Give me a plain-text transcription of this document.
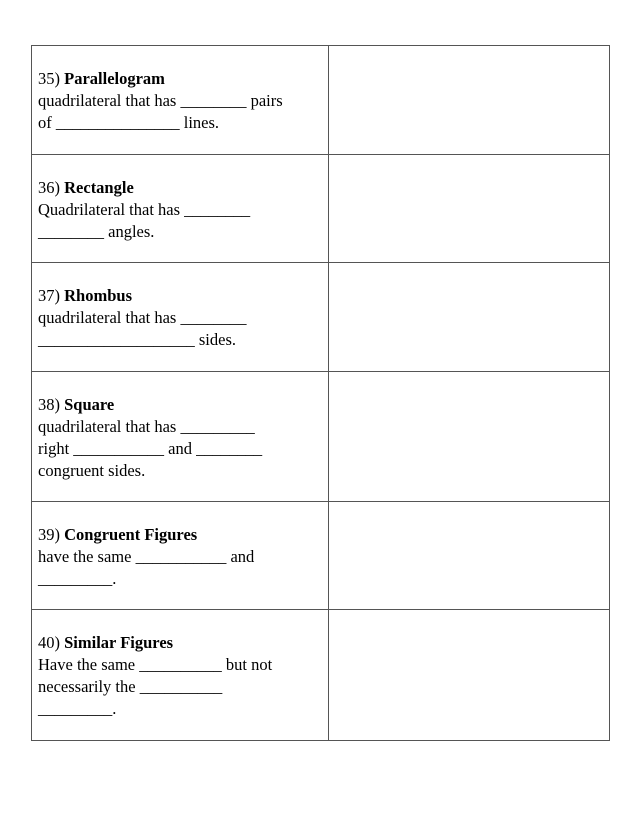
35) Parallelogram
quadrilateral that has ________ pairs
of _______________ lines.	

36) Rectangle
Quadrilateral that has ________
________ angles.	

37) Rhombus
quadrilateral that has ________
___________________ sides.	

38) Square
quadrilateral that has _________
right ___________ and ________
congruent sides.	

39) Congruent Figures
have the same ___________ and
_________.	

40) Similar Figures
Have the same __________ but not
necessarily the __________
_________.	
